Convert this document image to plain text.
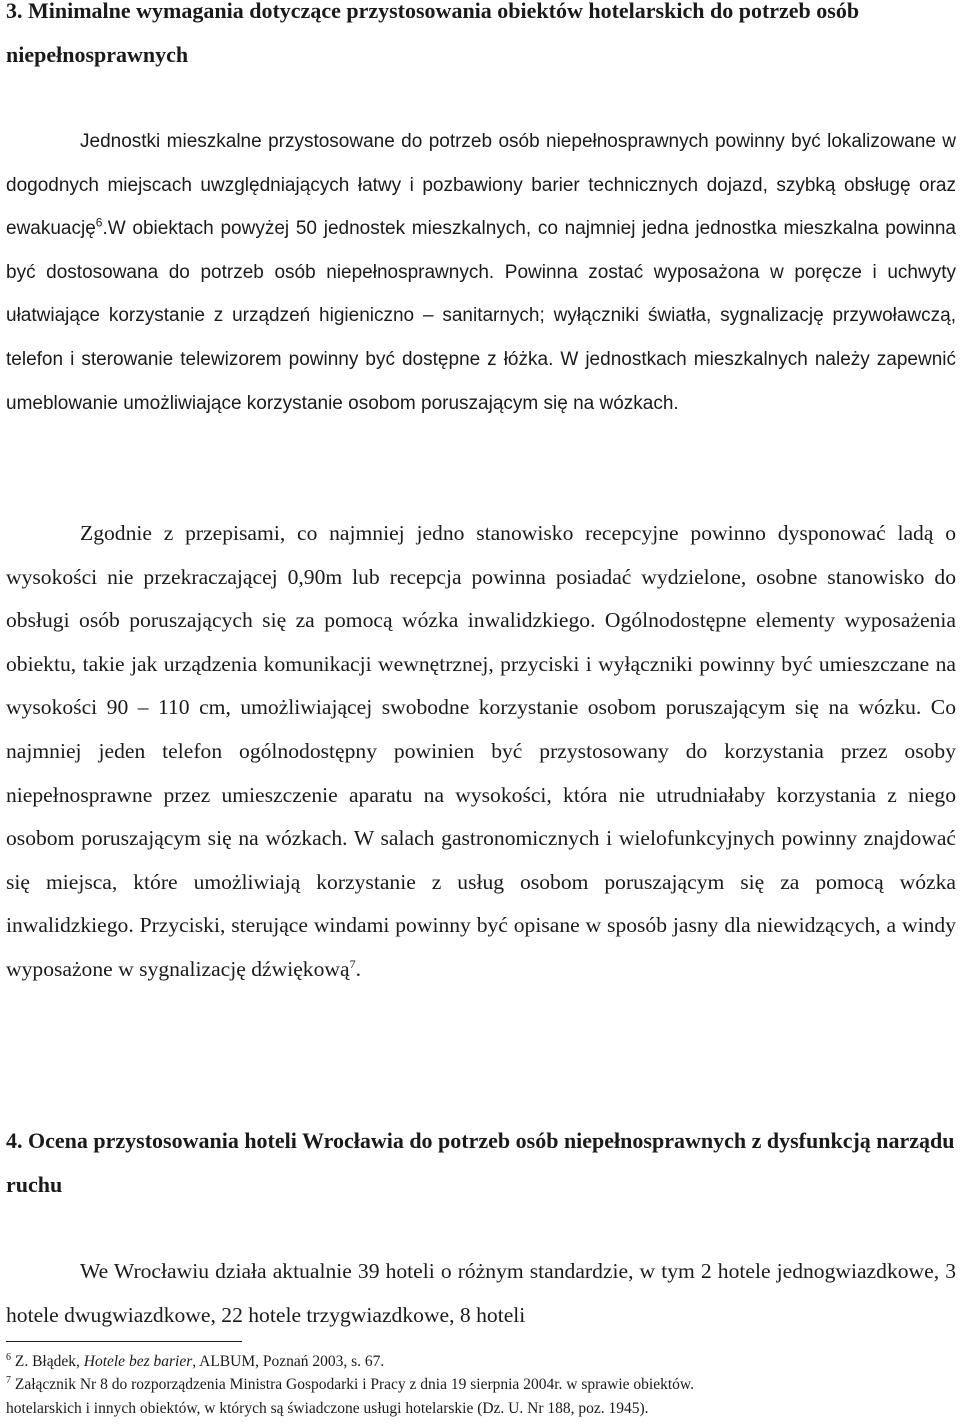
3. Minimalne wymagania dotyczące przystosowania obiektów hotelarskich do potrzeb osób niepełnosprawnych

Jednostki mieszkalne przystosowane do potrzeb osób niepełnosprawnych powinny być lokalizowane w dogodnych miejscach uwzględniających łatwy i pozbawiony barier technicznych dojazd, szybką obsługę oraz ewakuację$^6$.W obiektach powyżej 50 jednostek mieszkalnych, co najmniej jedna jednostka mieszkalna powinna być dostosowana do potrzeb osób niepełnosprawnych. Powinna zostać wyposażona w poręcze i uchwyty ułatwiające korzystanie z urządzeń higieniczno – sanitarnych; wyłączniki światła, sygnalizację przywoławczą, telefon i sterowanie telewizorem powinny być dostępne z łóżka. W jednostkach mieszkalnych należy zapewnić umeblowanie umożliwiające korzystanie osobom poruszającym się na wózkach.

Zgodnie z przepisami, co najmniej jedno stanowisko recepcyjne powinno dysponować ladą o wysokości nie przekraczającej 0,90m lub recepcja powinna posiadać wydzielone, osobne stanowisko do obsługi osób poruszających się za pomocą wózka inwalidzkiego. Ogólnodostępne elementy wyposażenia obiektu, takie jak urządzenia komunikacji wewnętrznej, przyciski i wyłączniki powinny być umieszczane na wysokości 90 – 110 cm, umożliwiającej swobodne korzystanie osobom poruszającym się na wózku. Co najmniej jeden telefon ogólnodostępny powinien być przystosowany do korzystania przez osoby niepełnosprawne przez umieszczenie aparatu na wysokości, która nie utrudniałaby korzystania z niego osobom poruszającym się na wózkach. W salach gastronomicznych i wielofunkcyjnych powinny znajdować się miejsca, które umożliwiają korzystanie z usług osobom poruszającym się za pomocą wózka inwalidzkiego. Przyciski, sterujące windami powinny być opisane w sposób jasny dla niewidzących, a windy wyposażone w sygnalizację dźwiękową$^7$.

4. Ocena przystosowania hoteli Wrocławia do potrzeb osób niepełnosprawnych z dysfunkcją narządu ruchu

We Wrocławiu działa aktualnie 39 hoteli o różnym standardzie, w tym 2 hotele jednogwiazdkowe, 3 hotele dwugwiazdkowe, 22 hotele trzygwiazdkowe, 8 hoteli

$^6$ Z. Błądek, Hotele bez barier, ALBUM, Poznań 2003, s. 67.

$^7$ Załącznik Nr 8 do rozporządzenia Ministra Gospodarki i Pracy z dnia 19 sierpnia 2004r. w sprawie obiektów.

hotelarskich i innych obiektów, w których są świadczone usługi hotelarskie (Dz. U. Nr 188, poz. 1945).
